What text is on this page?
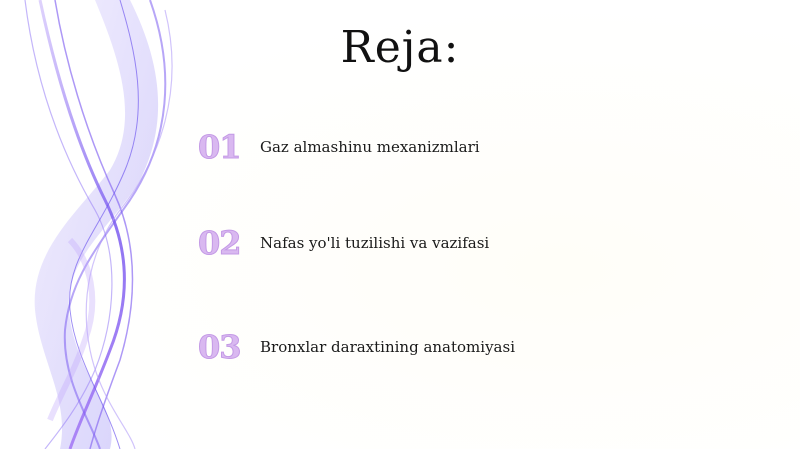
Reja:
01	Gaz almashinu mexanizmlari
02	Nafas yo'li tuzilishi va vazifasi
03	Bronxlar daraxtining anatomiyasi
